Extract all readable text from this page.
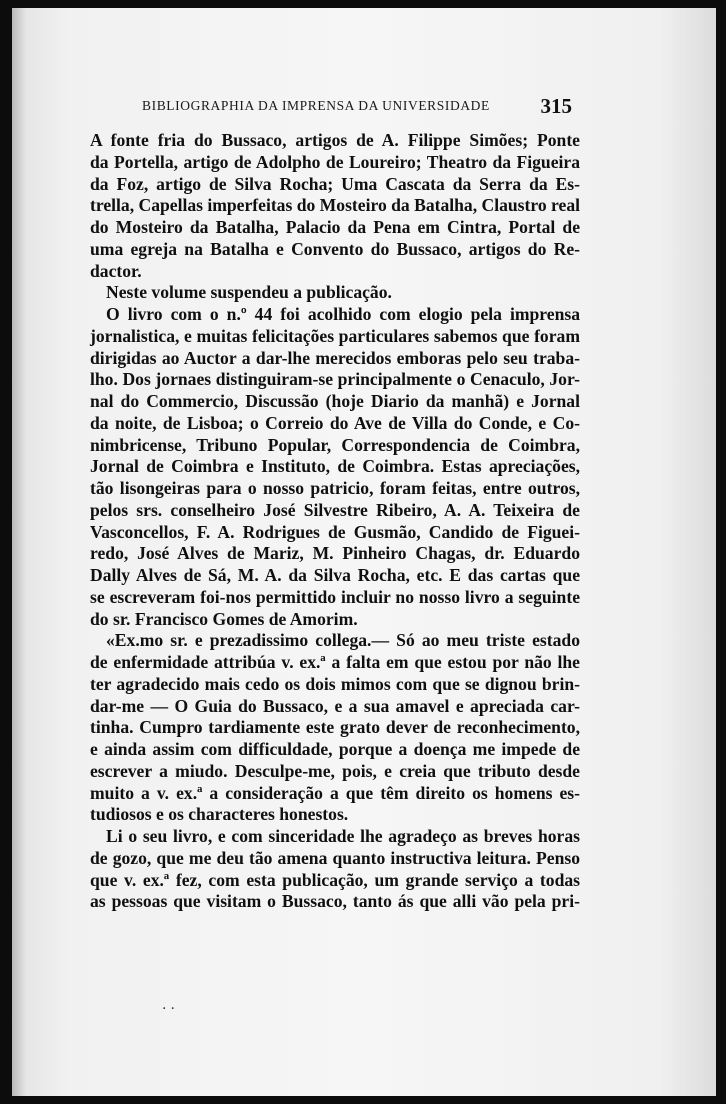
BIBLIOGRAPHIA DA IMPRENSA DA UNIVERSIDADE 315
A fonte fria do Bussaco, artigos de A. Filippe Simões; Ponte
da Portella, artigo de Adolpho de Loureiro; Theatro da Figueira
da Foz, artigo de Silva Rocha; Uma Cascata da Serra da Es-
trella, Capellas imperfeitas do Mosteiro da Batalha, Claustro real
do Mosteiro da Batalha, Palacio da Pena em Cintra, Portal de
uma egreja na Batalha e Convento do Bussaco, artigos do Re-
dactor.
Neste volume suspendeu a publicação.
O livro com o n.º 44 foi acolhido com elogio pela imprensa
jornalistica, e muitas felicitações particulares sabemos que foram
dirigidas ao Auctor a dar-lhe merecidos emboras pelo seu traba-
lho. Dos jornaes distinguiram-se principalmente o Cenaculo, Jor-
nal do Commercio, Discussão (hoje Diario da manhã) e Jornal
da noite, de Lisboa; o Correio do Ave de Villa do Conde, e Co-
nimbricense, Tribuno Popular, Correspondencia de Coimbra,
Jornal de Coimbra e Instituto, de Coimbra. Estas apreciações,
tão lisongeiras para o nosso patricio, foram feitas, entre outros,
pelos srs. conselheiro José Silvestre Ribeiro, A. A. Teixeira de
Vasconcellos, F. A. Rodrigues de Gusmão, Candido de Figuei-
redo, José Alves de Mariz, M. Pinheiro Chagas, dr. Eduardo
Dally Alves de Sá, M. A. da Silva Rocha, etc. E das cartas que
se escreveram foi-nos permittido incluir no nosso livro a seguinte
do sr. Francisco Gomes de Amorim.
«Ex.mo sr. e prezadissimo collega.— Só ao meu triste estado
de enfermidade attribúa v. ex.ª a falta em que estou por não lhe
ter agradecido mais cedo os dois mimos com que se dignou brin-
dar-me — O Guia do Bussaco, e a sua amavel e apreciada car-
tinha. Cumpro tardiamente este grato dever de reconhecimento,
e ainda assim com difficuldade, porque a doença me impede de
escrever a miudo. Desculpe-me, pois, e creia que tributo desde
muito a v. ex.ª a consideração a que têm direito os homens es-
tudiosos e os characteres honestos.
Li o seu livro, e com sinceridade lhe agradeço as breves horas
de gozo, que me deu tão amena quanto instructiva leitura. Penso
que v. ex.ª fez, com esta publicação, um grande serviço a todas
as pessoas que visitam o Bussaco, tanto ás que alli vão pela pri-
··
